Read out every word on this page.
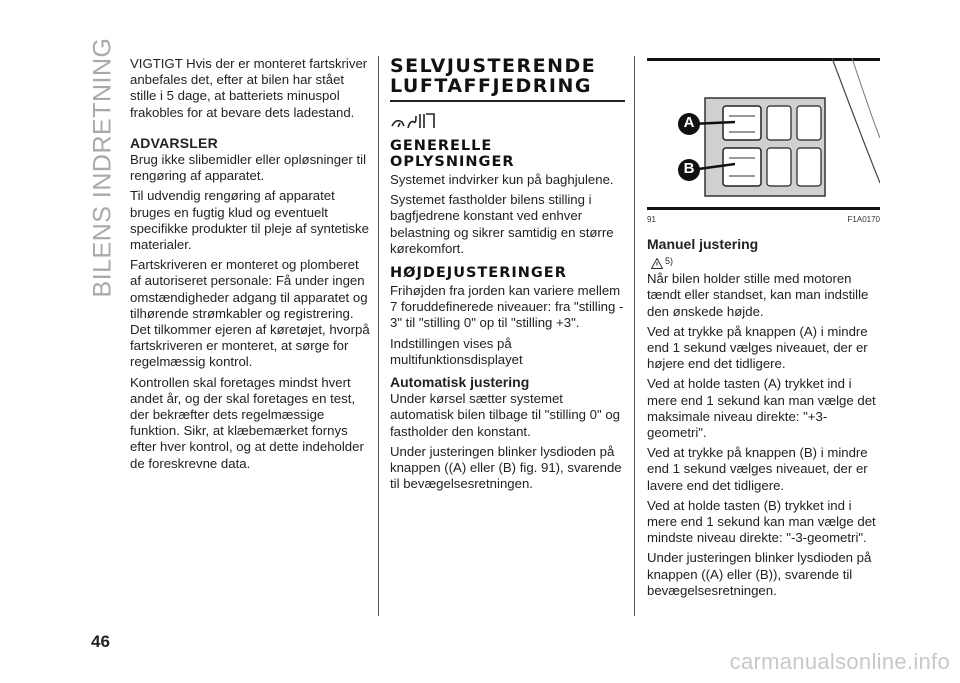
BILENS INDRETNING VIGTIGT Hvis der er monteret fartskriver anbefales det, efter at bilen har stået stille i 5 dage, at batteriets minuspol frakobles for at bevare dets ladestand.

ADVARSLER

Brug ikke slibemidler eller opløsninger til rengøring af apparatet.

Til udvendig rengøring af apparatet bruges en fugtig klud og eventuelt specifikke produkter til pleje af syntetiske materialer.

Fartskriveren er monteret og plomberet af autoriseret personale: Få under ingen omstændigheder adgang til apparatet og tilhørende strømkabler og registrering. Det tilkommer ejeren af køretøjet, hvorpå fartskriveren er monteret, at sørge for regelmæssig kontrol.

Kontrollen skal foretages mindst hvert andet år, og der skal foretages en test, der bekræfter dets regelmæssige funktion. Sikr, at klæbemærket fornys efter hver kontrol, og at dette indeholder de foreskrevne data.

SELVJUSTERENDE
LUFTAFFJEDRING
GENERELLE
OPLYSNINGER

Systemet indvirker kun på baghjulene.

Systemet fastholder bilens stilling i bagfjedrene konstant ved enhver belastning og sikrer samtidig en større kørekomfort.

HØJDEJUSTERINGER

Frihøjden fra jorden kan variere mellem 7 foruddefinerede niveauer: fra "stilling - 3" til "stilling 0" op til "stilling +3".

Indstillingen vises på multifunktionsdisplayet

Automatisk justering

Under kørsel sætter systemet automatisk bilen tilbage til "stilling 0" og fastholder den konstant.

Under justeringen blinker lysdioden på knappen ((A) eller (B) fig. 91), svarende til bevægelsesretningen.

A
B
91	F1A0170
Manuel justering
5)

Når bilen holder stille med motoren tændt eller standset, kan man indstille den ønskede højde.

Ved at trykke på knappen (A) i mindre end 1 sekund vælges niveauet, der er højere end det tidligere.

Ved at holde tasten (A) trykket ind i mere end 1 sekund kan man vælge det maksimale niveau direkte: "+3-geometri".

Ved at trykke på knappen (B) i mindre end 1 sekund vælges niveauet, der er lavere end det tidligere.

Ved at holde tasten (B) trykket ind i mere end 1 sekund kan man vælge det mindste niveau direkte: "-3-geometri".

Under justeringen blinker lysdioden på knappen ((A) eller (B)), svarende til bevægelsesretningen.

46
carmanualsonline.info
